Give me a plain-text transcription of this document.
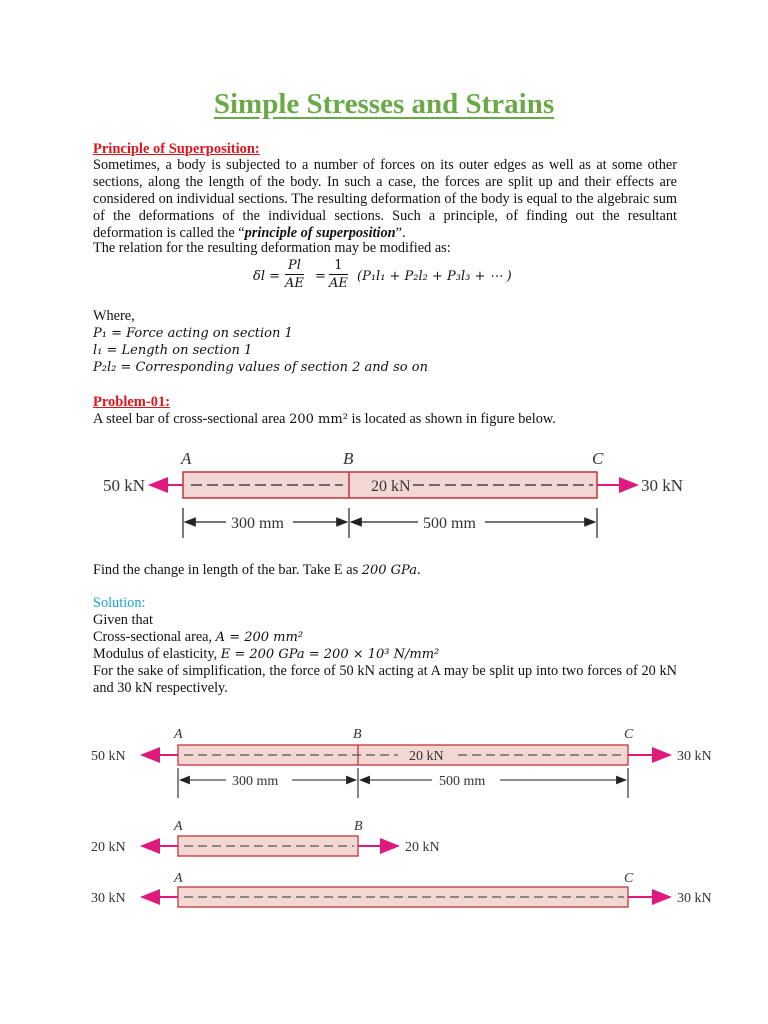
Simple Stresses and Strains
Principle of Superposition:
Sometimes, a body is subjected to a number of forces on its outer edges as well as at some other sections, along the length of the body. In such a case, the forces are split up and their effects are considered on individual sections. The resulting deformation of the body is equal to the algebraic sum of the deformations of the individual sections. Such a principle, of finding out the resultant deformation is called the “principle of superposition”.
The relation for the resulting deformation may be modified as:
$\delta l = \frac{Pl}{AE} = \frac{1}{AE} (P_1l_1 + P_2l_2 + P_3l_3$ + ⋯ )
Where,
P₁ = Force acting on section 1
l₁ = Length on section 1
P₂l₂ = Corresponding values of section 2 and so on
Problem-01:
A steel bar of cross-sectional area 200 mm² is located as shown in figure below.
Find the change in length of the bar. Take E as 200 GPa.
Solution:
Given that
Cross-sectional area, A = 200 mm²
Modulus of elasticity, E = 200 GPa = 200 × 10³ N/mm²
For the sake of simplification, the force of 50 kN acting at A may be split up into two forces of 20 kN and 30 kN respectively.
A	B	C
20 kN
50 kN	30 kN
300 mm	500 mm
A	B	C
20 kN
50 kN	30 kN
300 mm	500 mm
A	B
20 kN	20 kN
A	C
30 kN	30 kN
